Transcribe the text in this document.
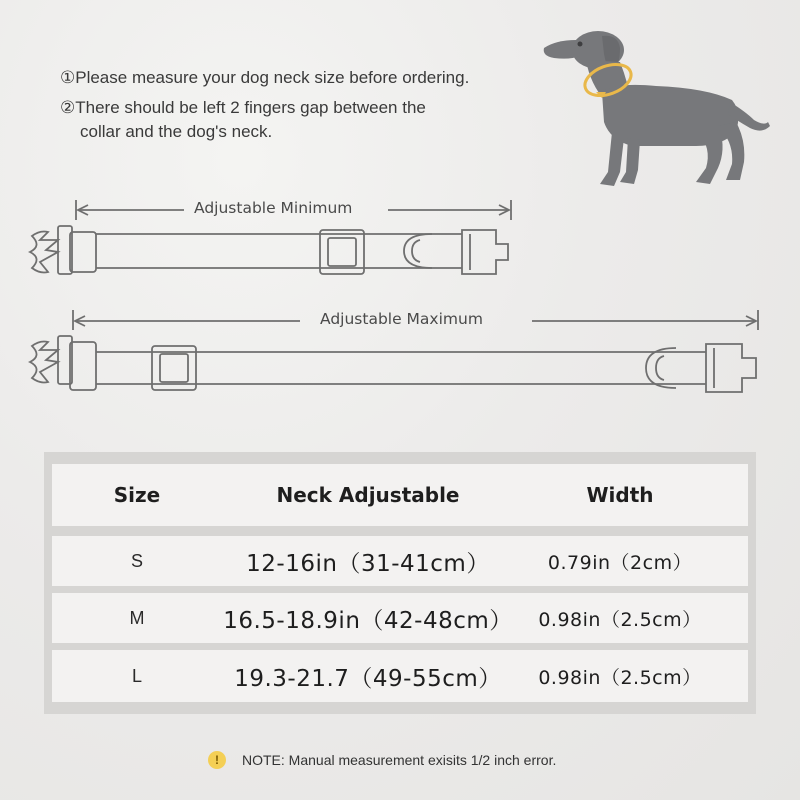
①Please measure your dog neck size before ordering.
②There should be left 2 fingers gap between the
collar and the dog's neck.
Adjustable Minimum
Adjustable Maximum
Size	Neck Adjustable	Width
S	12-16in（31-41cm）	0.79in（2cm）
M	16.5-18.9in（42-48cm）	0.98in（2.5cm）
L	19.3-21.7（49-55cm）	0.98in（2.5cm）
!	NOTE: Manual measurement exisits 1/2 inch error.
